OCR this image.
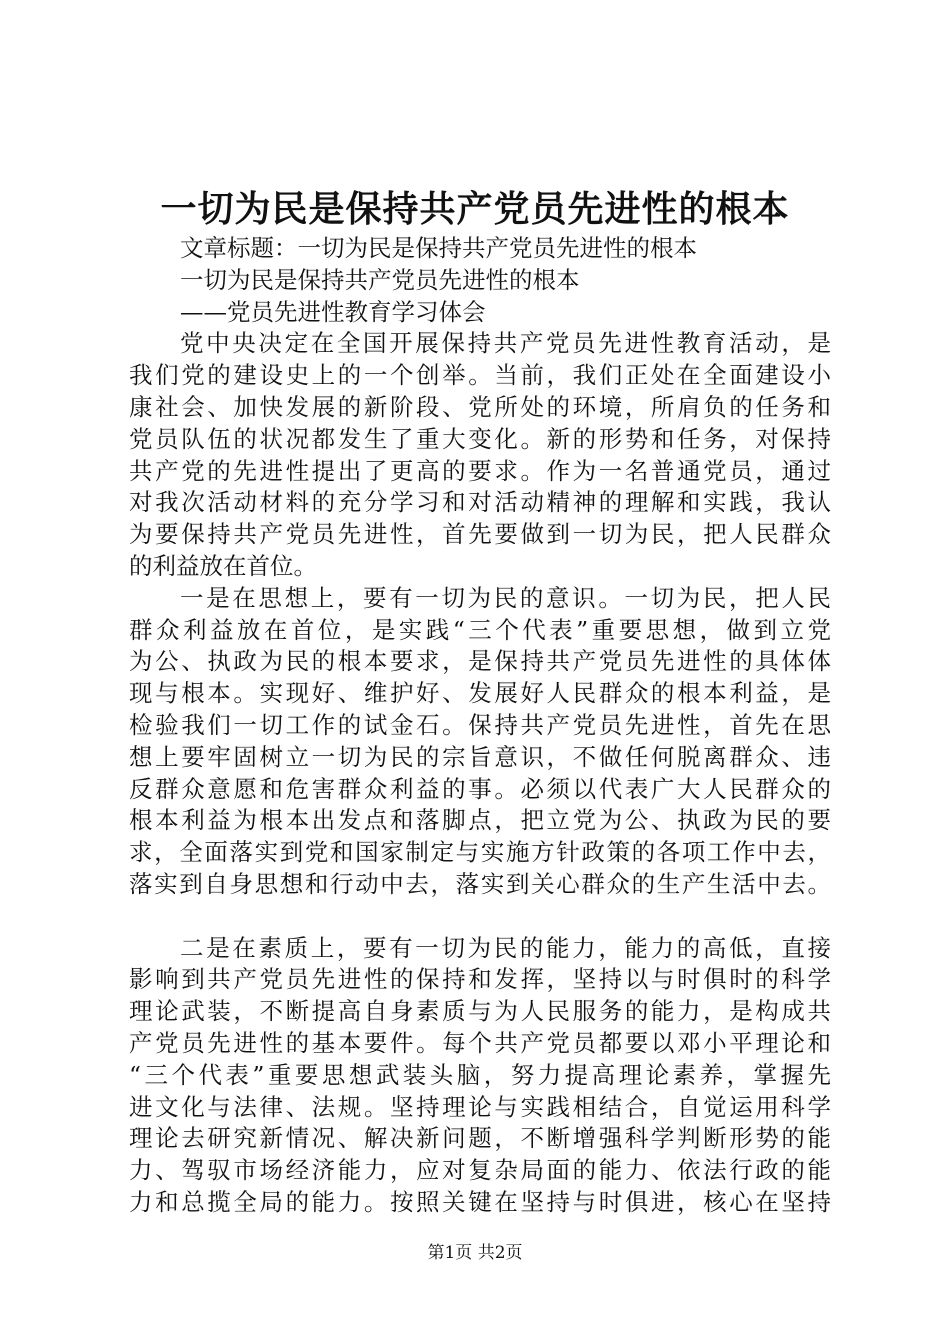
一切为民是保持共产党员先进性的根本
文章标题：一切为民是保持共产党员先进性的根本
一切为民是保持共产党员先进性的根本
——党员先进性教育学习体会
党中央决定在全国开展保持共产党员先进性教育活动，是
我们党的建设史上的一个创举。当前，我们正处在全面建设小
康社会、加快发展的新阶段、党所处的环境，所肩负的任务和
党员队伍的状况都发生了重大变化。新的形势和任务，对保持
共产党的先进性提出了更高的要求。作为一名普通党员，通过
对我次活动材料的充分学习和对活动精神的理解和实践，我认
为要保持共产党员先进性，首先要做到一切为民，把人民群众
的利益放在首位。
一是在思想上，要有一切为民的意识。一切为民，把人民
群众利益放在首位，是实践“三个代表”重要思想，做到立党
为公、执政为民的根本要求，是保持共产党员先进性的具体体
现与根本。实现好、维护好、发展好人民群众的根本利益，是
检验我们一切工作的试金石。保持共产党员先进性，首先在思
想上要牢固树立一切为民的宗旨意识，不做任何脱离群众、违
反群众意愿和危害群众利益的事。必须以代表广大人民群众的
根本利益为根本出发点和落脚点，把立党为公、执政为民的要
求，全面落实到党和国家制定与实施方针政策的各项工作中去，
落实到自身思想和行动中去，落实到关心群众的生产生活中去。
二是在素质上，要有一切为民的能力，能力的高低，直接
影响到共产党员先进性的保持和发挥，坚持以与时俱时的科学
理论武装，不断提高自身素质与为人民服务的能力，是构成共
产党员先进性的基本要件。每个共产党员都要以邓小平理论和
“三个代表”重要思想武装头脑，努力提高理论素养，掌握先
进文化与法律、法规。坚持理论与实践相结合，自觉运用科学
理论去研究新情况、解决新问题，不断增强科学判断形势的能
力、驾驭市场经济能力，应对复杂局面的能力、依法行政的能
力和总揽全局的能力。按照关键在坚持与时俱进，核心在坚持
第1页 共2页
